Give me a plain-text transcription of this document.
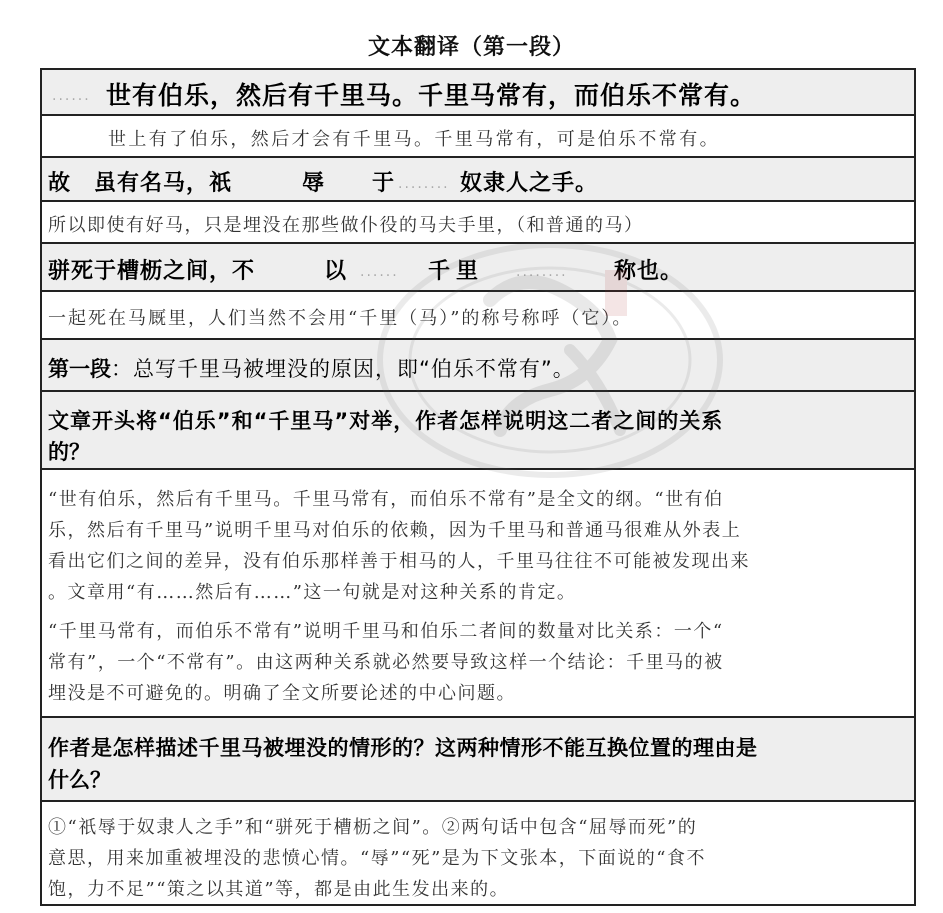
文本翻译（第一段）
...... 世有伯乐，然后有千里马。千里马常有，而伯乐不常有。
世上有了伯乐，然后才会有千里马。千里马常有，可是伯乐不常有。
故 虽有名马，祇	辱 于 ........ 奴隶人之手。
所以即使有好马，只是埋没在那些做仆役的马夫手里，（和普通的马）
骈死于槽枥之间，不	以 ...... 千里 ........ 称也。
一起死在马厩里，人们当然不会用“千里（马）”的称号称呼（它）。
第一段：总写千里马被埋没的原因，即“伯乐不常有”。
文章开头将“伯乐”和“千里马”对举，作者怎样说明这二者之间的关系
的？
“世有伯乐，然后有千里马。千里马常有，而伯乐不常有”是全文的纲。“世有伯
乐，然后有千里马”说明千里马对伯乐的依赖，因为千里马和普通马很难从外表上
看出它们之间的差异，没有伯乐那样善于相马的人，千里马往往不可能被发现出来
。文章用“有……然后有……”这一句就是对这种关系的肯定。
“千里马常有，而伯乐不常有”说明千里马和伯乐二者间的数量对比关系：一个“
常有”，一个“不常有”。由这两种关系就必然要导致这样一个结论：千里马的被
埋没是不可避免的。明确了全文所要论述的中心问题。
作者是怎样描述千里马被埋没的情形的？这两种情形不能互换位置的理由是
什么？
①“祇辱于奴隶人之手”和“骈死于槽枥之间”。②两句话中包含“屈辱而死”的
意思，用来加重被埋没的悲愤心情。“辱”“死”是为下文张本，下面说的“食不
饱，力不足”“策之以其道”等，都是由此生发出来的。
